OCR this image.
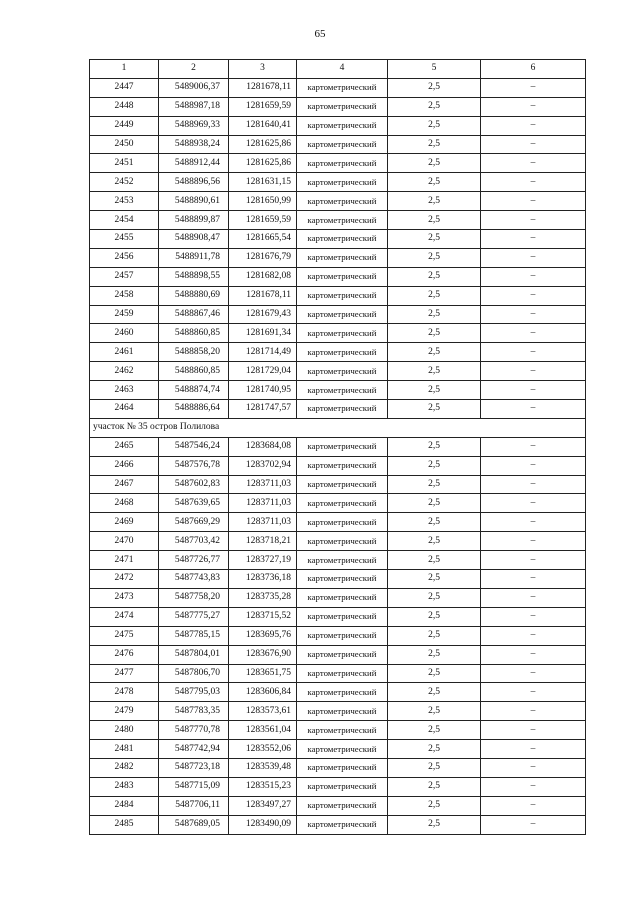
65
1	2	3	4	5	6
2447	5489006,37	1281678,11	картометрический	2,5	–
2448	5488987,18	1281659,59	картометрический	2,5	–
2449	5488969,33	1281640,41	картометрический	2,5	–
2450	5488938,24	1281625,86	картометрический	2,5	–
2451	5488912,44	1281625,86	картометрический	2,5	–
2452	5488896,56	1281631,15	картометрический	2,5	–
2453	5488890,61	1281650,99	картометрический	2,5	–
2454	5488899,87	1281659,59	картометрический	2,5	–
2455	5488908,47	1281665,54	картометрический	2,5	–
2456	5488911,78	1281676,79	картометрический	2,5	–
2457	5488898,55	1281682,08	картометрический	2,5	–
2458	5488880,69	1281678,11	картометрический	2,5	–
2459	5488867,46	1281679,43	картометрический	2,5	–
2460	5488860,85	1281691,34	картометрический	2,5	–
2461	5488858,20	1281714,49	картометрический	2,5	–
2462	5488860,85	1281729,04	картометрический	2,5	–
2463	5488874,74	1281740,95	картометрический	2,5	–
2464	5488886,64	1281747,57	картометрический	2,5	–
участок № 35 остров Полилова					
2465	5487546,24	1283684,08	картометрический	2,5	–
2466	5487576,78	1283702,94	картометрический	2,5	–
2467	5487602,83	1283711,03	картометрический	2,5	–
2468	5487639,65	1283711,03	картометрический	2,5	–
2469	5487669,29	1283711,03	картометрический	2,5	–
2470	5487703,42	1283718,21	картометрический	2,5	–
2471	5487726,77	1283727,19	картометрический	2,5	–
2472	5487743,83	1283736,18	картометрический	2,5	–
2473	5487758,20	1283735,28	картометрический	2,5	–
2474	5487775,27	1283715,52	картометрический	2,5	–
2475	5487785,15	1283695,76	картометрический	2,5	–
2476	5487804,01	1283676,90	картометрический	2,5	–
2477	5487806,70	1283651,75	картометрический	2,5	–
2478	5487795,03	1283606,84	картометрический	2,5	–
2479	5487783,35	1283573,61	картометрический	2,5	–
2480	5487770,78	1283561,04	картометрический	2,5	–
2481	5487742,94	1283552,06	картометрический	2,5	–
2482	5487723,18	1283539,48	картометрический	2,5	–
2483	5487715,09	1283515,23	картометрический	2,5	–
2484	5487706,11	1283497,27	картометрический	2,5	–
2485	5487689,05	1283490,09	картометрический	2,5	–
